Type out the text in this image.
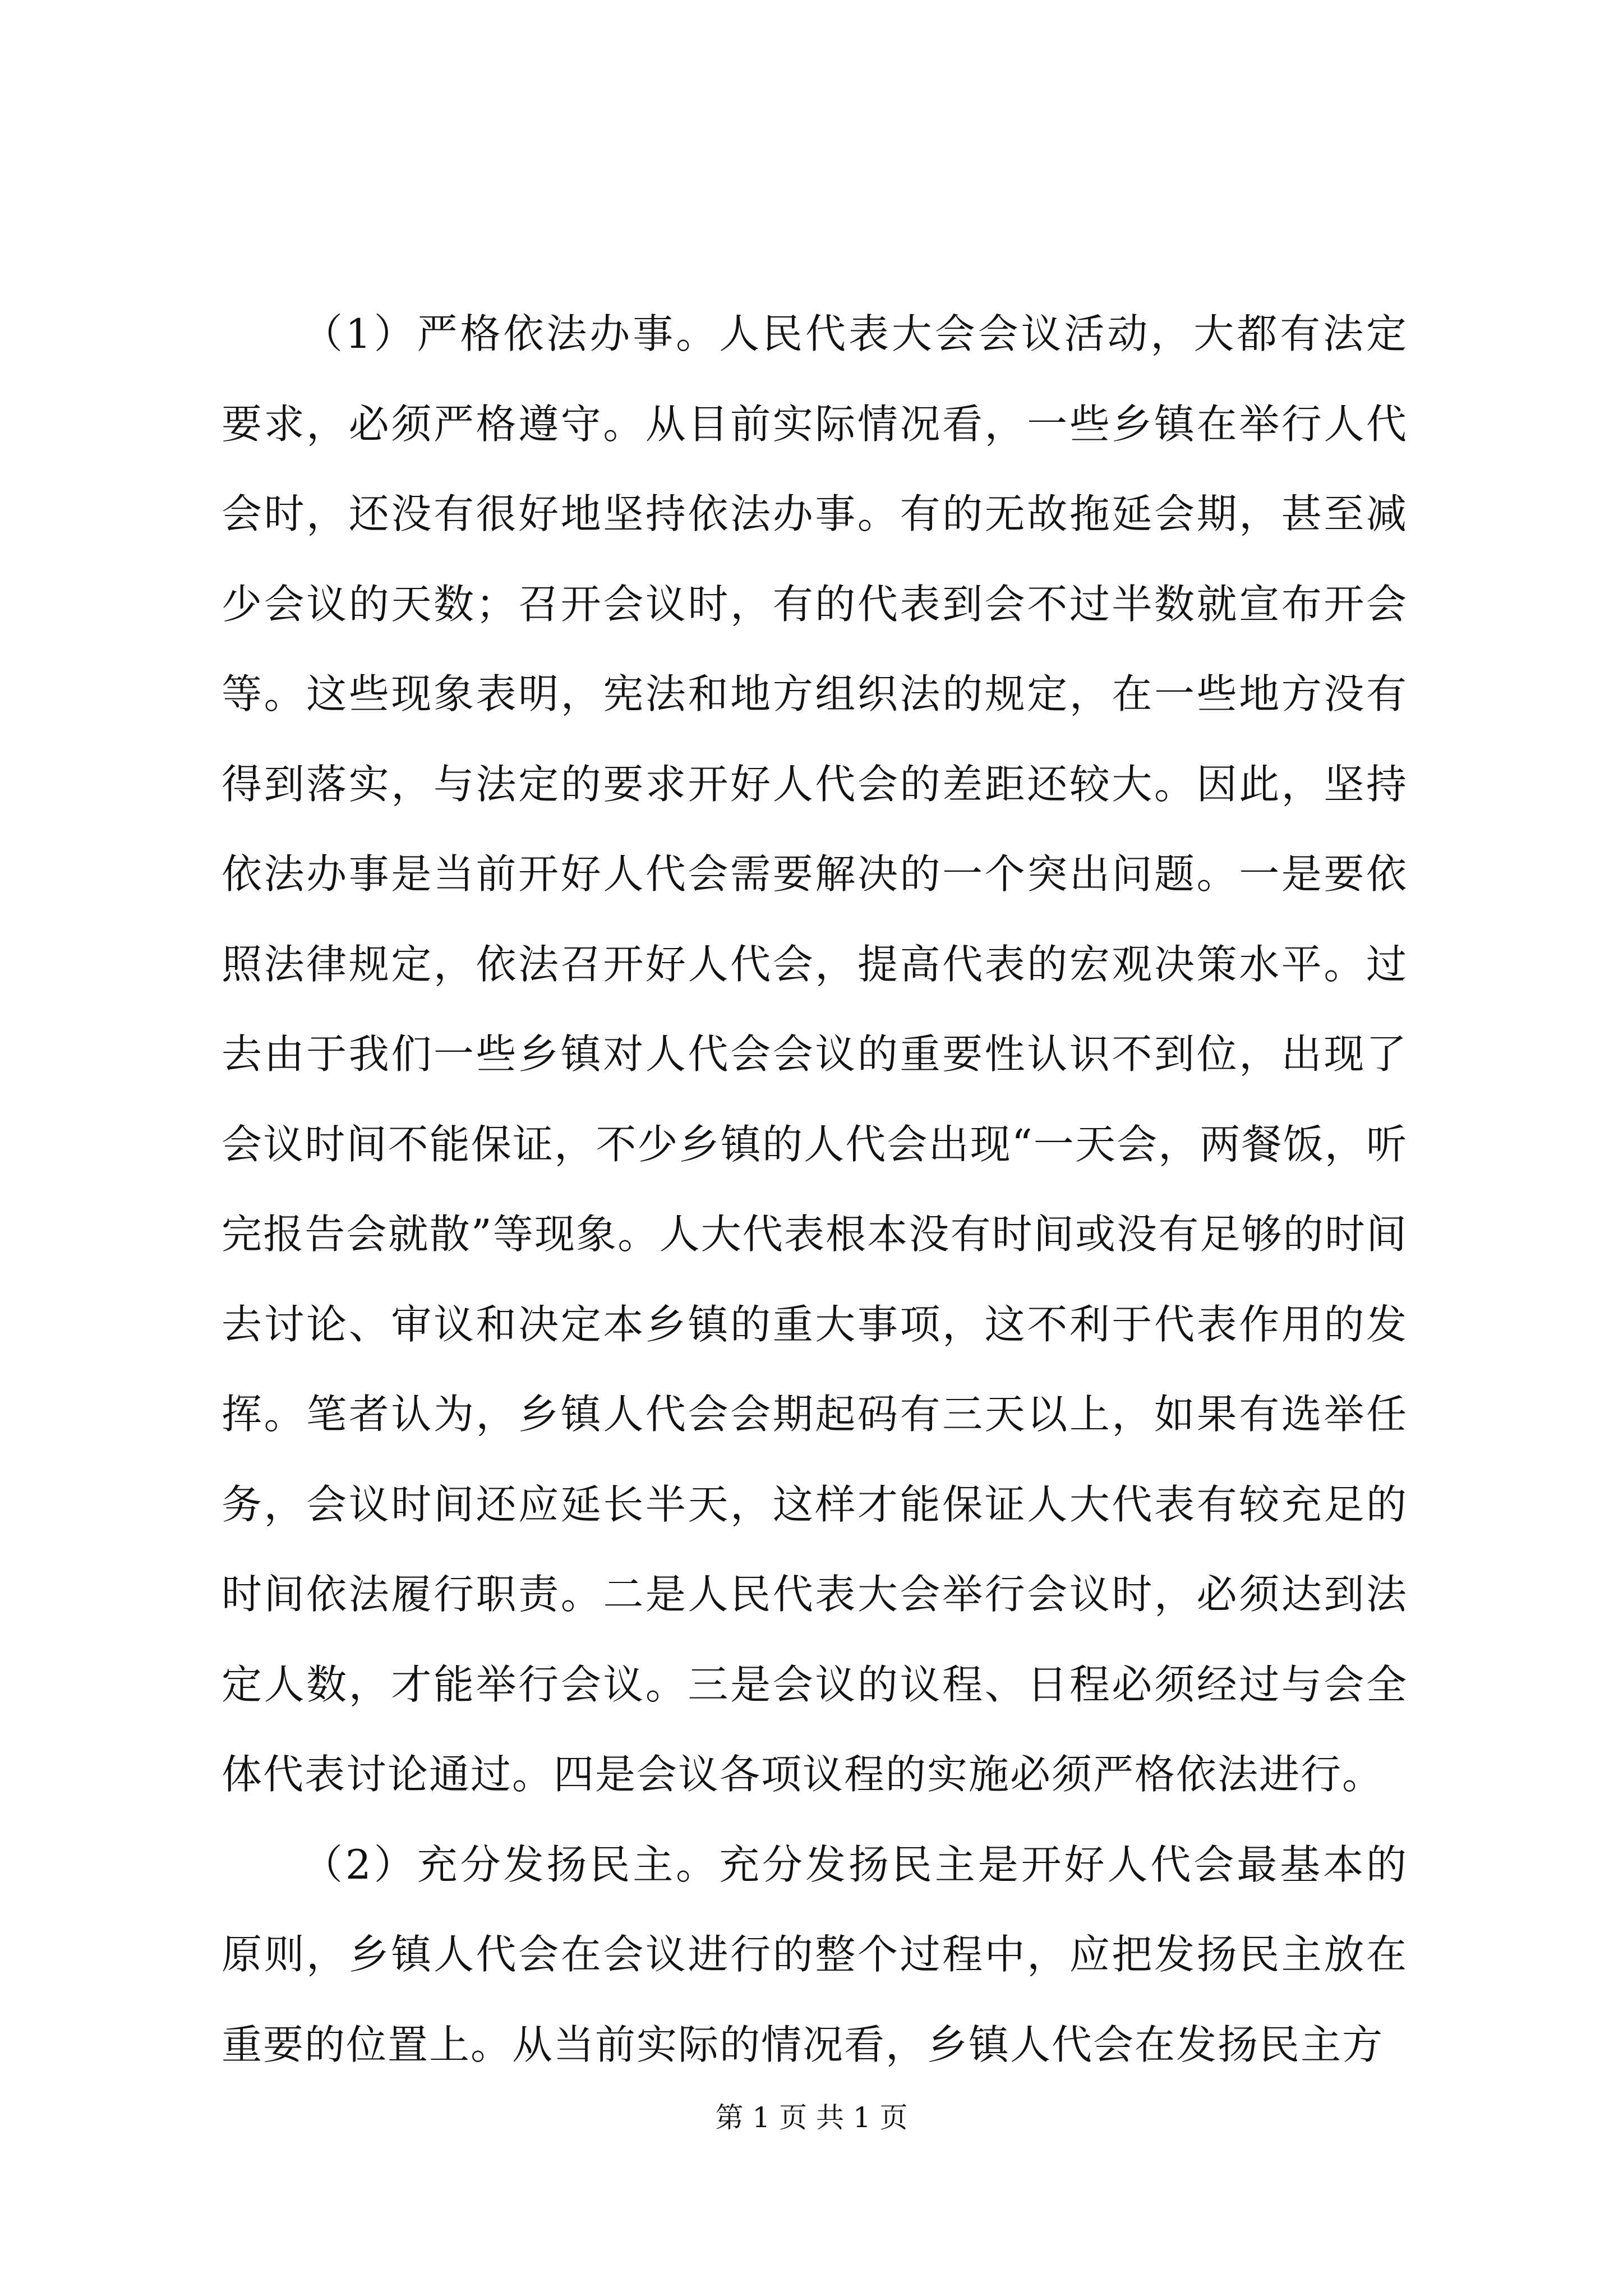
（1）严格依法办事。人民代表大会会议活动，大都有法定要求，必须严格遵守。从目前实际情况看，一些乡镇在举行人代会时，还没有很好地坚持依法办事。有的无故拖延会期，甚至减少会议的天数；召开会议时，有的代表到会不过半数就宣布开会等。这些现象表明，宪法和地方组织法的规定，在一些地方没有得到落实，与法定的要求开好人代会的差距还较大。因此，坚持依法办事是当前开好人代会需要解决的一个突出问题。一是要依照法律规定，依法召开好人代会，提高代表的宏观决策水平。过去由于我们一些乡镇对人代会会议的重要性认识不到位，出现了会议时间不能保证，不少乡镇的人代会出现“一天会，两餐饭，听完报告会就散”等现象。人大代表根本没有时间或没有足够的时间去讨论、审议和决定本乡镇的重大事项，这不利于代表作用的发挥。笔者认为，乡镇人代会会期起码有三天以上，如果有选举任务，会议时间还应延长半天，这样才能保证人大代表有较充足的时间依法履行职责。二是人民代表大会举行会议时，必须达到法定人数，才能举行会议。三是会议的议程、日程必须经过与会全体代表讨论通过。四是会议各项议程的实施必须严格依法进行。

（2）充分发扬民主。充分发扬民主是开好人代会最基本的原则，乡镇人代会在会议进行的整个过程中，应把发扬民主放在重要的位置上。从当前实际的情况看，乡镇人代会在发扬民主方

第 1 页 共 1 页
